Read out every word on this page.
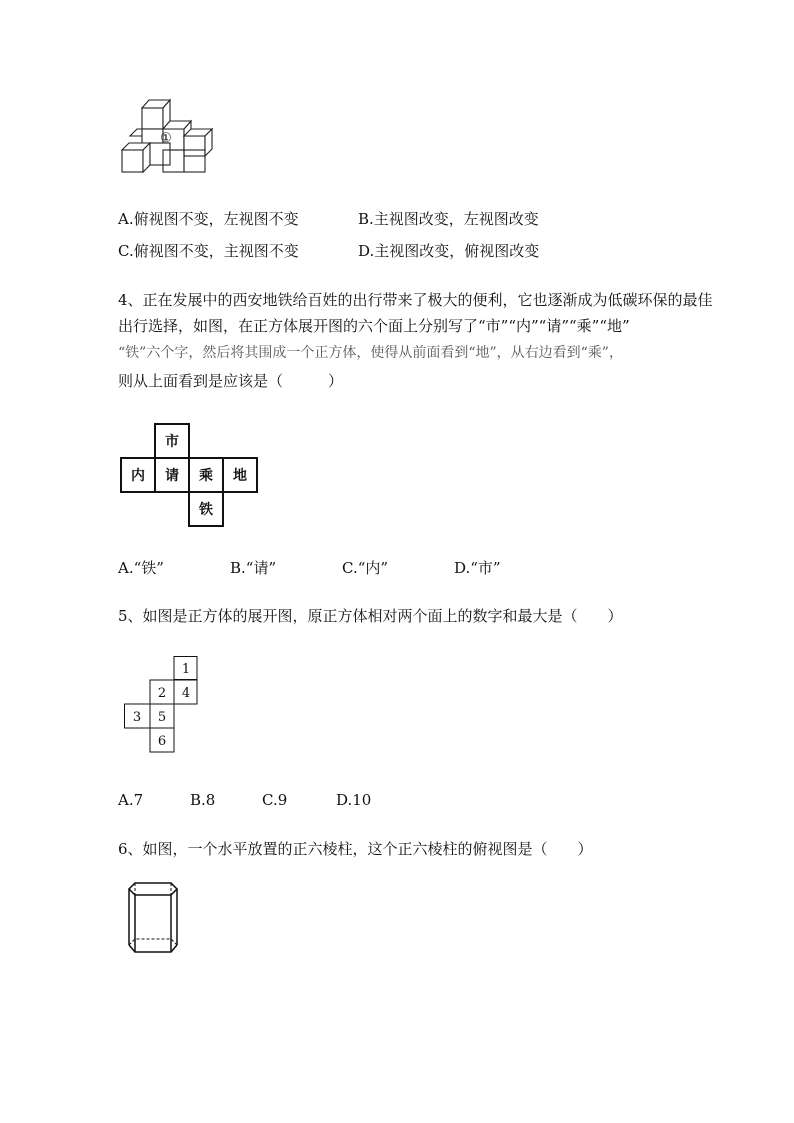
①
A.俯视图不变，左视图不变	B.主视图改变，左视图改变
C.俯视图不变，主视图不变	D.主视图改变，俯视图改变
4、正在发展中的西安地铁给百姓的出行带来了极大的便利，它也逐渐成为低碳环保的最佳
出行选择，如图，在正方体展开图的六个面上分别写了“市”“内”“请”“乘”“地”
“铁”六个字，然后将其围成一个正方体，使得从前面看到“地”，从右边看到“乘”，
则从上面看到是应该是（　　　）
市
内 请 乘 地
铁
A.“铁”	B.“请”	C.“内”	D.“市”
5、如图是正方体的展开图，原正方体相对两个面上的数字和最大是（　　）
1
2 4
3 5
6
A.7	B.8	C.9	D.10
6、如图，一个水平放置的正六棱柱，这个正六棱柱的俯视图是（　　）
